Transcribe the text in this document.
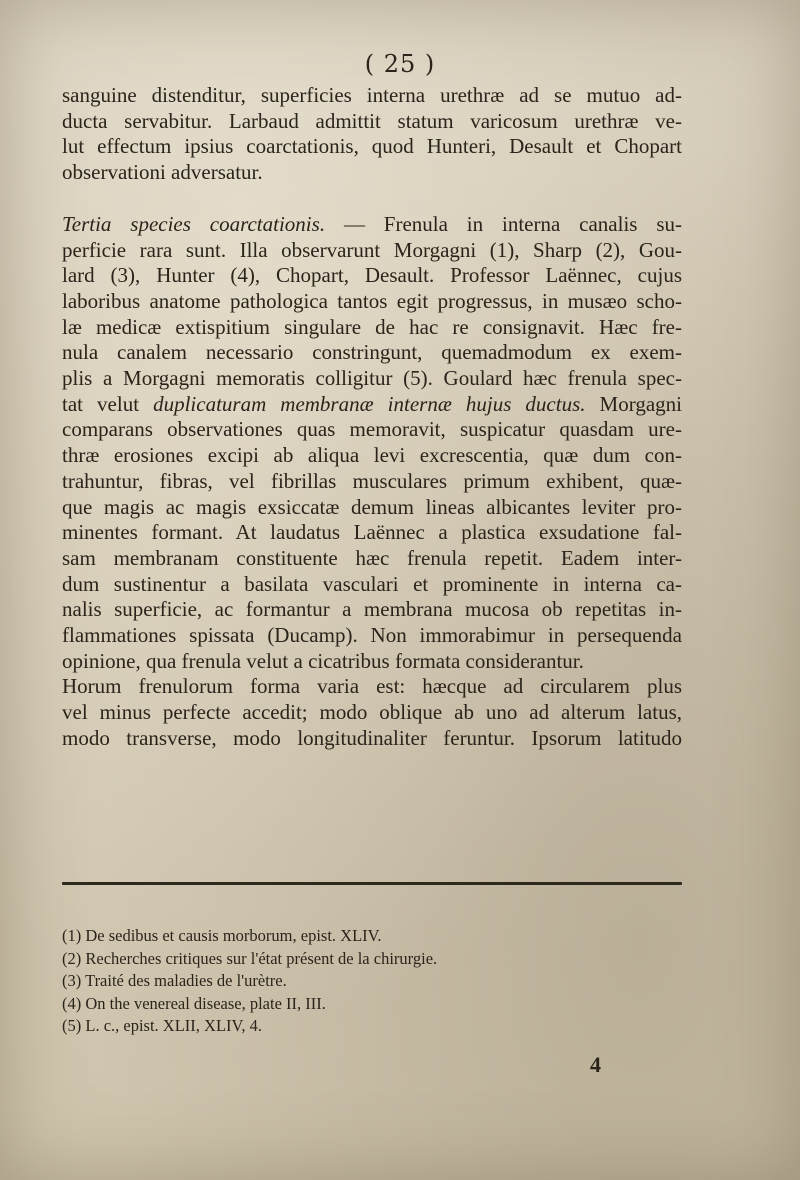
( 25 )

sanguine distenditur, superficies interna urethræ ad se mutuo ad-
ducta servabitur. Larbaud admittit statum varicosum urethræ ve-
lut effectum ipsius coarctationis, quod Hunteri, Desault et Chopart
observationi adversatur.

Tertia species coarctationis. — Frenula in interna canalis su-
perficie rara sunt. Illa observarunt Morgagni (1), Sharp (2), Gou-
lard (3), Hunter (4), Chopart, Desault. Professor Laënnec, cujus
laboribus anatome pathologica tantos egit progressus, in musæo scho-
læ medicæ extispitium singulare de hac re consignavit. Hæc fre-
nula canalem necessario constringunt, quemadmodum ex exem-
plis a Morgagni memoratis colligitur (5). Goulard hæc frenula spec-
tat velut duplicaturam membranæ internæ hujus ductus. Morgagni
comparans observationes quas memoravit, suspicatur quasdam ure-
thræ erosiones excipi ab aliqua levi excrescentia, quæ dum con-
trahuntur, fibras, vel fibrillas musculares primum exhibent, quæ-
que magis ac magis exsiccatæ demum lineas albicantes leviter pro-
minentes formant. At laudatus Laënnec a plastica exsudatione fal-
sam membranam constituente hæc frenula repetit. Eadem inter-
dum sustinentur a basilata vasculari et prominente in interna ca-
nalis superficie, ac formantur a membrana mucosa ob repetitas in-
flammationes spissata (Ducamp). Non immorabimur in persequenda
opinione, qua frenula velut a cicatribus formata considerantur.

Horum frenulorum forma varia est: hæcque ad circularem plus
vel minus perfecte accedit; modo oblique ab uno ad alterum latus,
modo transverse, modo longitudinaliter feruntur. Ipsorum latitudo

(1) De sedibus et causis morborum, epist. XLIV.
(2) Recherches critiques sur l'état présent de la chirurgie.
(3) Traité des maladies de l'urètre.
(4) On the venereal disease, plate II, III.
(5) L. c., epist. XLII, XLIV, 4.
4
